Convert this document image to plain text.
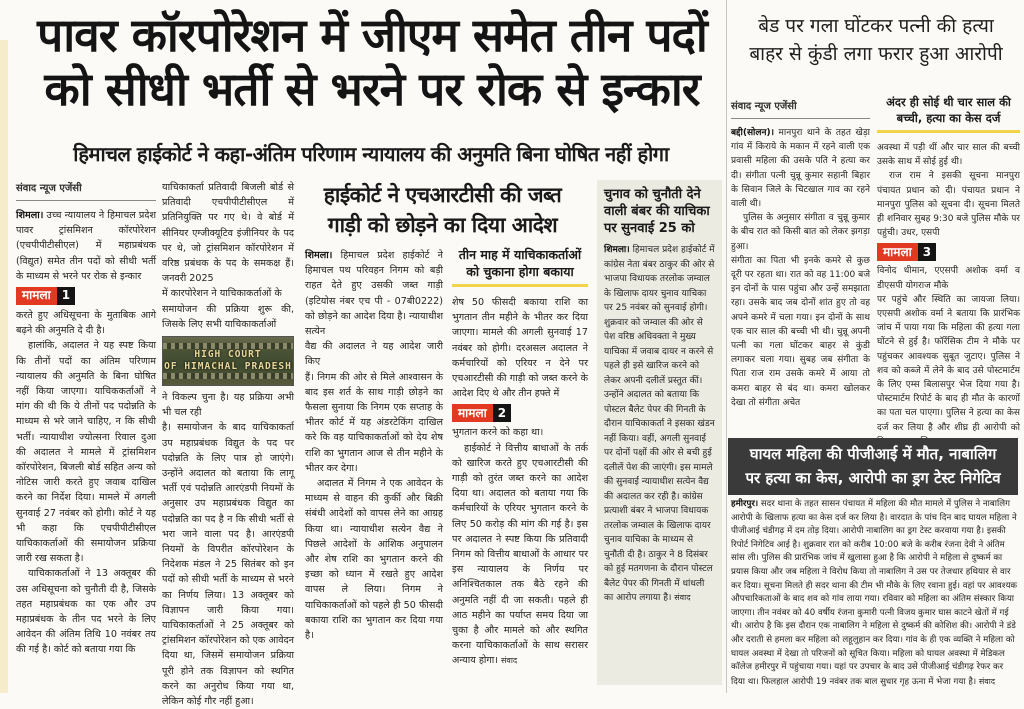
पावर कॉरपोरेशन में जीएम समेत तीन पदों
को सीधी भर्ती से भरने पर रोक से इन्कार
हिमाचल हाईकोर्ट ने कहा-अंतिम परिणाम न्यायालय की अनुमति बिना घोषित नहीं होगा
संवाद न्यूज एजेंसी

शिमला। उच्च न्यायालय ने हिमाचल प्रदेश पावर ट्रांसमिशन कॉरपोरेशन (एचपीपीटीसीएल) में महाप्रबंधक (विद्युत) समेत तीन पदों को सीधी भर्ती के माध्यम से भरने पर रोक से इन्कार

मामला 1

करते हुए अधिसूचना के मुताबिक आगे बढ़ने की अनुमति दे दी है।

हालांकि, अदालत ने यह स्पष्ट किया कि तीनों पदों का अंतिम परिणाम न्यायालय की अनुमति के बिना घोषित नहीं किया जाएगा। याचिककर्ताओं ने मांग की थी कि ये तीनों पद पदोन्नति के माध्यम से भरे जाने चाहिए, न कि सीधी भर्ती। न्यायाधीश ज्योत्सना रिवाल दुआ की अदालत ने मामले में ट्रांसमिशन कॉरपोरेशन, बिजली बोर्ड सहित अन्य को नोटिस जारी करते हुए जवाब दाखिल करने का निर्देश दिया। मामले में अगली सुनवाई 27 नवंबर को होगी। कोर्ट ने यह भी कहा कि एचपीपीटीसीएल याचिकाकर्ताओं की समायोजन प्रक्रिया जारी रख सकता है।

याचिकाकर्ताओं ने 13 अक्तूबर की उस अधिसूचना को चुनौती दी है, जिसके तहत महाप्रबंधक का एक और उप महाप्रबंधक के तीन पद भरने के लिए आवेदन की अंतिम तिथि 10 नवंबर तय की गई है। कोर्ट को बताया गया कि

याचिकाकर्ता प्रतिवादी बिजली बोर्ड से प्रतिवादी एचपीपीटीसीएल में प्रतिनियुक्ति पर गए थे। वे बोर्ड में सीनियर एग्जीक्यूटिव इंजीनियर के पद पर थे, जो ट्रांसमिशन कॉरपोरेशन में वरिष्ठ प्रबंधक के पद के समकक्ष हैं। जनवरी 2025

में कारपोरेशन ने याचिकाकर्ताओं के

समायोजन की प्रक्रिया शुरू की, जिसके लिए सभी याचिकाकर्ताओं

HIGH COURT
OF HIMACHAL PRADESH

ने विकल्प चुना है। यह प्रक्रिया अभी भी चल रही

है। समायोजन के बाद याचिकाकर्ता उप महाप्रबंधक विद्युत के पद पर पदोन्नति के लिए पात्र हो जाएंगे। उन्होंने अदालत को बताया कि लागू भर्ती एवं पदोन्नति आरएंडपी नियमों के अनुसार उप महाप्रबंधक विद्युत का पदोन्नति का पद है न कि सीधी भर्ती से भरा जाने वाला पद है। आरएंडपी नियमों के विपरीत कॉरपोरेशन के निदेशक मंडल ने 25 सितंबर को इन पदों को सीधी भर्ती के माध्यम से भरने का निर्णय लिया। 13 अक्तूबर को विज्ञापन जारी किया गया। याचिकाकर्ताओं ने 25 अक्तूबर को ट्रांसमिशन कॉरपोरेशन को एक आवेदन दिया था, जिसमें समायोजन प्रक्रिया पूरी होने तक विज्ञापन को स्थगित करने का अनुरोध किया गया था, लेकिन कोई गौर नहीं हुआ।

हाईकोर्ट ने एचआरटीसी की जब्त
गाड़ी को छोड़ने का दिया आदेश

शिमला। हिमाचल प्रदेश हाईकोर्ट ने हिमाचल पथ परिवहन निगम को बड़ी राहत देते हुए उसकी जब्त गाड़ी (इटियोस नंबर एच पी - 07बी0222) को छोड़ने का आदेश दिया है। न्यायाधीश सत्येन

वैद्य की अदालत ने यह आदेश जारी किए

हैं। निगम की ओर से मिले आश्वासन के बाद इस शर्त के साथ गाड़ी छोड़ने का फैसला सुनाया कि निगम एक सप्ताह के भीतर कोर्ट में यह अंडरटेकिंग दाखिल करे कि वह याचिकाकर्ताओं को देय शेष राशि का भुगतान आज से तीन महीने के भीतर कर देगा।

अदालत में निगम ने एक आवेदन के माध्यम से वाहन की कुर्की और बिक्री संबंधी आदेशों को वापस लेने का आग्रह किया था। न्यायाधीश सत्येन वैद्य ने पिछले आदेशों के आंशिक अनुपालन और शेष राशि का भुगतान करने की इच्छा को ध्यान में रखते हुए आदेश वापस ले लिया। निगम ने याचिकाकर्ताओं को पहले ही 50 फीसदी बकाया राशि का भुगतान कर दिया गया है।

तीन माह में याचिकाकर्ताओं को चुकाना होगा बकाया

शेष 50 फीसदी बकाया राशि का भुगतान तीन महीने के भीतर कर दिया जाएगा। मामले की अगली सुनवाई 17 नवंबर को होगी। दरअसल अदालत ने कर्मचारियों को एरियर न देने पर एचआरटीसी की गाड़ी को जब्त करने के आदेश दिए थे और तीन हफ्ते में

मामला 2

भुगतान करने को कहा था।

हाईकोर्ट ने वित्तीय बाधाओं के तर्क को खारिज करते हुए एचआरटीसी की गाड़ी को तुरंत जब्त करने का आदेश दिया था। अदालत को बताया गया कि कर्मचारियों के एरियर भुगतान करने के लिए 50 करोड़ की मांग की गई है। इस पर अदालत ने स्पष्ट किया कि प्रतिवादी निगम को वित्तीय बाधाओं के आधार पर इस न्यायालय के निर्णय पर अनिश्चितकाल तक बैठे रहने की अनुमति नहीं दी जा सकती। पहले ही आठ महीने का पर्याप्त समय दिया जा चुका है और मामले को और स्थगित करना याचिकाकर्ताओं के साथ सरासर अन्याय होगा। संवाद

चुनाव को चुनौती देने वाली बंबर की याचिका पर सुनवाई 25 को
शिमला। हिमाचल प्रदेश हाईकोर्ट में कांग्रेस नेता बंबर ठाकुर की ओर से भाजपा विधायक तरलोक जम्वाल के खिलाफ दायर चुनाव याचिका पर 25 नवंबर को सुनवाई होगी। शुक्रवार को जम्वाल की ओर से पेश वरिष्ठ अधिवक्ता ने मुख्य याचिका में जवाब दायर न करने से पहले ही इसे खारिज करने को लेकर अपनी दलीलें प्रस्तुत कीं। उन्होंने अदालत को बताया कि पोस्टल बैलेट पेपर की गिनती के दौरान याचिकाकर्ता ने इसका खंडन नहीं किया। वहीं, अगली सुनवाई पर दोनों पक्षों की ओर से बची हुई दलीलें पेश की जाएंगी। इस मामले की सुनवाई न्यायाधीश सत्येन वैद्य की अदालत कर रही है। कांग्रेस प्रत्याशी बंबर ने भाजपा विधायक तरलोक जम्वाल के खिलाफ दायर चुनाव याचिका के माध्यम से चुनौती दी है। ठाकुर ने 8 दिसंबर को हुई मतगणना के दौरान पोस्टल बैलेट पेपर की गिनती में धांधली का आरोप लगाया है। संवाद
बेड पर गला घोंटकर पत्नी की हत्या
बाहर से कुंडी लगा फरार हुआ आरोपी
संवाद न्यूज एजेंसी

बद्दी(सोलन)। मानपुरा थाने के तहत खेड़ा गांव में किराये के मकान में रहने वाली एक प्रवासी महिला की उसके पति ने हत्या कर दी। संगीता पत्नी चुन्नू कुमार सहानी बिहार के सिवान जिले के चिटखाल गाव का रहने वाली थी।

पुलिस के अनुसार संगीता व चुन्नू कुमार के बीच रात को किसी बात को लेकर झगड़ा हुआ।

संगीता का पिता भी इनके कमरे से कुछ दूरी पर रहता था। रात को वह 11:00 बजे इन दोनों के पास पहुंचा और उन्हें समझाता रहा। उसके बाद जब दोनों शांत हुए तो वह अपने कमरे में चला गया। इन दोनों के साथ एक चार साल की बच्ची भी थी। चुन्नू अपनी पत्नी का गला घोंटकर बाहर से कुंडी लगाकर चला गया। सुबह जब संगीता के पिता राज राम उसके कमरे में आया तो कमरा बाहर से बंद था। कमरा खोलकर देखा तो संगीता अचेत

अंदर ही सोई थी चार साल की बच्ची, हत्या का केस दर्ज

अवस्था में पड़ी थीं और चार साल की बच्ची उसके साथ में सोई हुई थी।

राज राम ने इसकी सूचना मानपुरा पंचायत प्रधान को दी। पंचायत प्रधान ने मानपुरा पुलिस को सूचना दी। सूचना मिलते ही शनिवार सुबह 9:30 बजे पुलिस मौके पर पहुंची। उधर, एसपी

मामला 3

विनोद धीमान, एएसपी अशोक वर्मा व डीएसपी योगराज मौके

पर पहुंचे और स्थिति का जायजा लिया। एएसपी अशोक वर्मा ने बताया कि प्रारंभिक जांच में पाया गया कि महिला की हत्या गला घोंटने से हुई है। फॉरेंसिक टीम ने मौके पर पहुंचकर आवश्यक सुबूत जुटाए। पुलिस ने शव को कब्जे में लेने के बाद उसे पोस्टमार्टम के लिए एम्स बिलासपुर भेज दिया गया है। पोस्टमार्टम रिपोर्ट के बाद ही मौत के कारणों का पता चल पाएगा। पुलिस ने हत्या का केस दर्ज कर लिया है और शीघ्र ही आरोपी को

घायल महिला की पीजीआई में मौत, नाबालिग
पर हत्या का केस, आरोपी का ड्रग टेस्ट निगेटिव
हमीरपुर। सदर थाना के तहत सासन पंचायत में महिला की मौत मामले में पुलिस ने नाबालिग आरोपी के खिलाफ हत्या का केस दर्ज कर लिया है। वारदात के पांच दिन बाद घायल महिला ने पीजीआई चंडीगढ़ में दम तोड़ दिया। आरोपी नाबालिग का ड्रग टेस्ट करवाया गया है। इसकी रिपोर्ट निगेटिव आई है। शुक्रवार रात को करीब 10:00 बजे के करीब रंजना देवी ने अंतिम सांस ली। पुलिस की प्रारंभिक जांच में खुलासा हुआ है कि आरोपी ने महिला से दुष्कर्म का प्रयास किया और जब महिला ने विरोध किया तो नाबालिग ने उस पर तेजधार हथियार से वार कर दिया। सूचना मिलते ही सदर थाना की टीम भी मौके के लिए रवाना हुई। वहां पर आवश्यक औपचारिकताओं के बाद शव को गांव लाया गया। रविवार को महिला का अंतिम संस्कार किया जाएगा। तीन नवंबर को 40 वर्षीय रंजना कुमारी पत्नी विजय कुमार घास काटने खेतों में गई थी। आरोप है कि इस दौरान एक नाबालिग ने महिला से दुष्कर्म की कोशिश की। आरोपी ने डंडे और दराती से हमला कर महिला को लहूलुहान कर दिया। गांव के ही एक व्यक्ति ने महिला को घायल अवस्था में देखा तो परिजनों को सूचित किया। महिला को घायल अवस्था में मेडिकल कॉलेज हमीरपुर में पहुंचाया गया। यहां पर उपचार के बाद उसे पीजीआई चंडीगढ़ रेफर कर दिया था। फिलहाल आरोपी 19 नवंबर तक बाल सुधार गृह ऊना में भेजा गया है। संवाद
